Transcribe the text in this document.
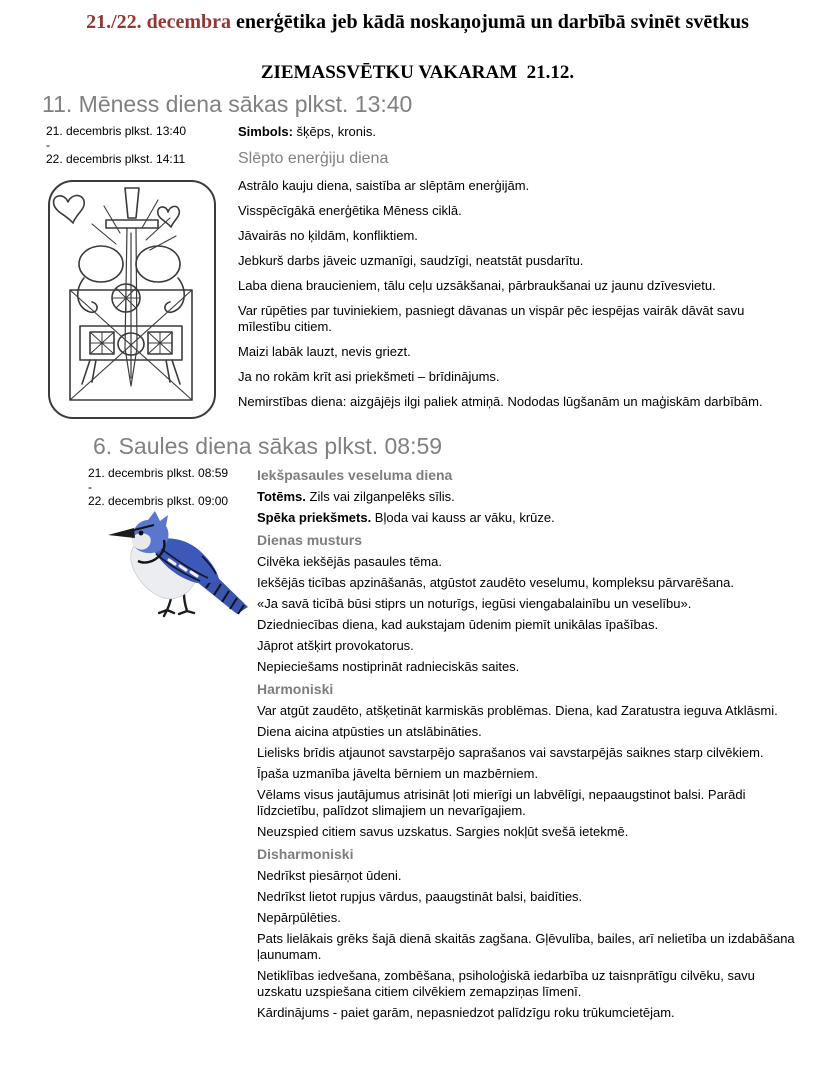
21./22. decembra enerģētika jeb kādā noskaņojumā un darbībā svinēt svētkus
ZIEMASSVĒTKU VAKARAM  21.12.
11. Mēness diena sākas plkst. 13:40
21. decembris plkst. 13:40
-
22. decembris plkst. 14:11

Simbols: šķēps, kronis.

Slēpto enerģiju diena

Astrālo kauju diena, saistība ar slēptām enerģijām.

Visspēcīgākā enerģētika Mēness ciklā.

Jāvairās no ķildām, konfliktiem.

Jebkurš darbs jāveic uzmanīgi, saudzīgi, neatstāt pusdarītu.

Laba diena braucieniem, tālu ceļu uzsākšanai, pārbraukšanai uz jaunu dzīvesvietu.

Var rūpēties par tuviniekiem, pasniegt dāvanas un vispār pēc iespējas vairāk dāvāt savu mīlestību citiem.

Maizi labāk lauzt, nevis griezt.

Ja no rokām krīt asi priekšmeti – brīdinājums.

Nemirstības diena: aizgājējs ilgi paliek atmiņā. Nododas lūgšanām un maģiskām darbībām.

6. Saules diena sākas plkst. 08:59
21. decembris plkst. 08:59
-
22. decembris plkst. 09:00

Iekšpasaules veseluma diena

Totēms. Zils vai zilganpelēks sīlis.

Spēka priekšmets. Bļoda vai kauss ar vāku, krūze.

Dienas musturs

Cilvēka iekšējās pasaules tēma.

Iekšējās ticības apzināšanās, atgūstot zaudēto veselumu, kompleksu pārvarēšana.

«Ja savā ticībā būsi stiprs un noturīgs, iegūsi viengabalainību un veselību».

Dziedniecības diena, kad aukstajam ūdenim piemīt unikālas īpašības.

Jāprot atšķirt provokatorus.

Nepieciešams nostiprināt radnieciskās saites.

Harmoniski

Var atgūt zaudēto, atšķetināt karmiskās problēmas. Diena, kad Zaratustra ieguva Atklāsmi.

Diena aicina atpūsties un atslābināties.

Lielisks brīdis atjaunot savstarpējo saprašanos vai savstarpējās saiknes starp cilvēkiem.

Īpaša uzmanība jāvelta bērniem un mazbērniem.

Vēlams visus jautājumus atrisināt ļoti mierīgi un labvēlīgi, nepaaugstinot balsi. Parādi līdzcietību, palīdzot slimajiem un nevarīgajiem.

Neuzspied citiem savus uzskatus. Sargies nokļūt svešā ietekmē.

Disharmoniski

Nedrīkst piesārņot ūdeni.

Nedrīkst lietot rupjus vārdus, paaugstināt balsi, baidīties.

Nepārpūlēties.

Pats lielākais grēks šajā dienā skaitās zagšana. Gļēvulība, bailes, arī nelietība un izdabāšana ļaunumam.

Netiklības iedvešana, zombēšana, psiholoģiskā iedarbība uz taisnprātīgu cilvēku, savu uzskatu uzspiešana citiem cilvēkiem zemapziņas līmenī.

Kārdinājums - paiet garām, nepasniedzot palīdzīgu roku trūkumcietējam.
